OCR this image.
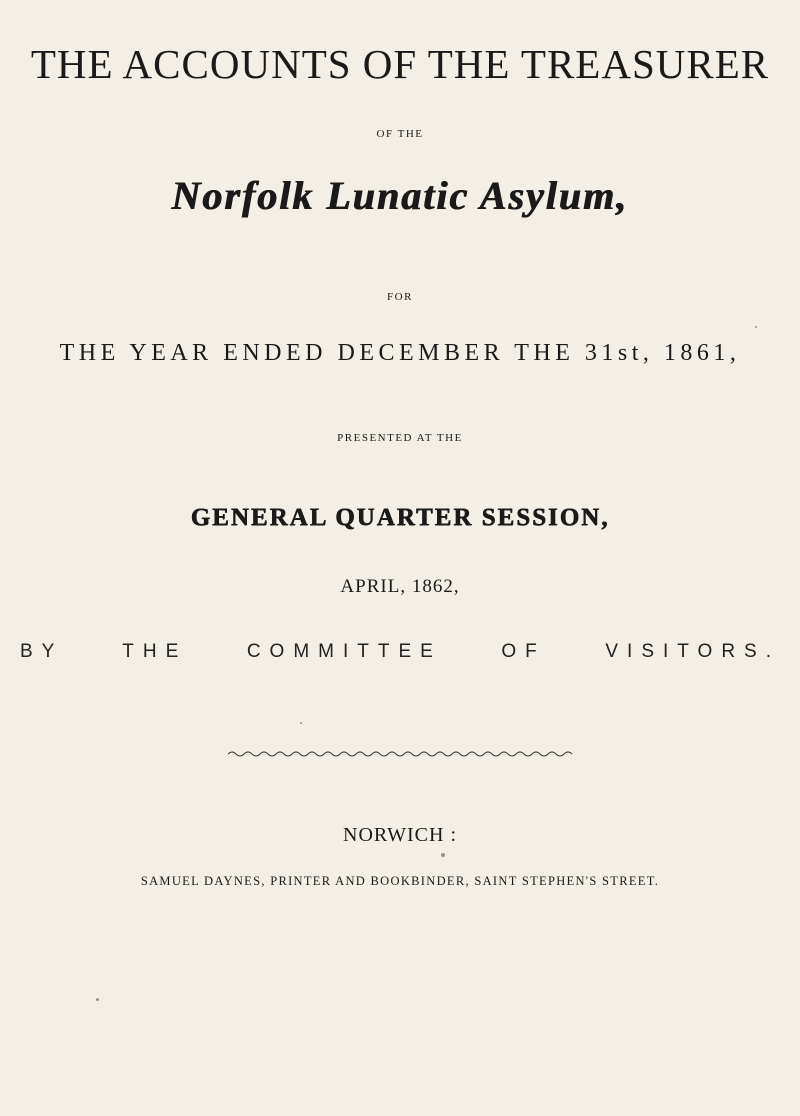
THE ACCOUNTS OF THE TREASURER
OF THE
Norfolk Lunatic Asylum,
FOR
THE YEAR ENDED DECEMBER THE 31st, 1861,
PRESENTED AT THE
GENERAL QUARTER SESSION,
APRIL, 1862,
BY THE COMMITTEE OF VISITORS.
NORWICH :
SAMUEL DAYNES, PRINTER AND BOOKBINDER, SAINT STEPHEN'S STREET.
